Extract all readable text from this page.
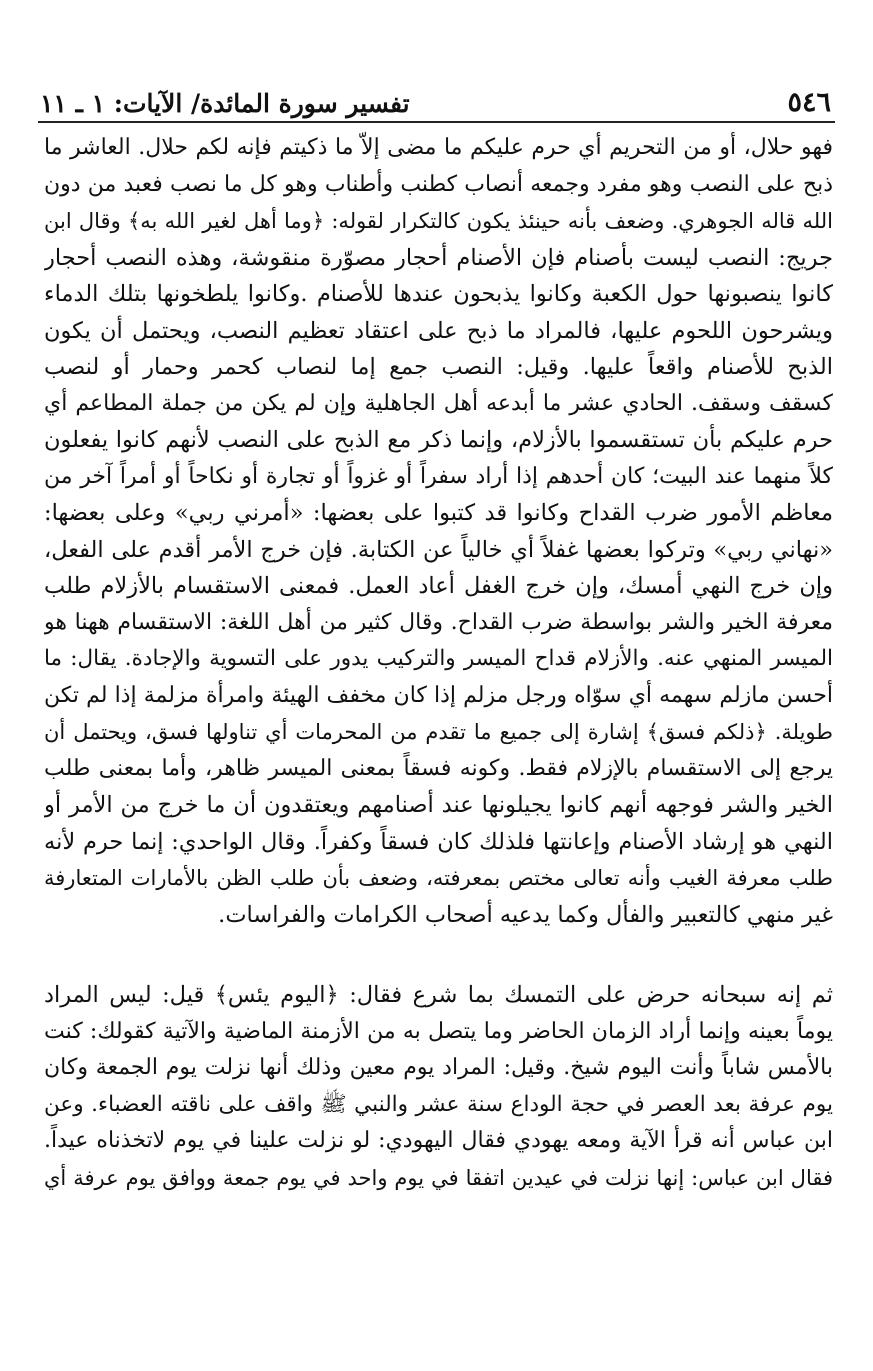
تفسير سورة المائدة/ الآيات: ١ ـ ١١	٥٤٦
فهو حلال، أو من التحريم أي حرم عليكم ما مضى إلاّ ما ذكيتم فإنه لكم حلال. العاشر ما
ذبح على النصب وهو مفرد وجمعه أنصاب كطنب وأطناب وهو كل ما نصب فعبد من دون
الله قاله الجوهري. وضعف بأنه حينئذ يكون كالتكرار لقوله: ﴿وما أهل لغير الله به﴾ وقال ابن
جريج: النصب ليست بأصنام فإن الأصنام أحجار مصوّرة منقوشة، وهذه النصب أحجار
كانوا ينصبونها حول الكعبة وكانوا يذبحون عندها للأصنام .وكانوا يلطخونها بتلك الدماء
ويشرحون اللحوم عليها، فالمراد ما ذبح على اعتقاد تعظيم النصب، ويحتمل أن يكون
الذبح للأصنام واقعاً عليها. وقيل: النصب جمع إما لنصاب كحمر وحمار أو لنصب
كسقف وسقف. الحادي عشر ما أبدعه أهل الجاهلية وإن لم يكن من جملة المطاعم أي
حرم عليكم بأن تستقسموا بالأزلام، وإنما ذكر مع الذبح على النصب لأنهم كانوا يفعلون
كلاً منهما عند البيت؛ كان أحدهم إذا أراد سفراً أو غزواً أو تجارة أو نكاحاً أو أمراً آخر من
معاظم الأمور ضرب القداح وكانوا قد كتبوا على بعضها: «أمرني ربي» وعلى بعضها:
«نهاني ربي» وتركوا بعضها غفلاً أي خالياً عن الكتابة. فإن خرج الأمر أقدم على الفعل،
وإن خرج النهي أمسك، وإن خرج الغفل أعاد العمل. فمعنى الاستقسام بالأزلام طلب
معرفة الخير والشر بواسطة ضرب القداح. وقال كثير من أهل اللغة: الاستقسام ههنا هو
الميسر المنهي عنه. والأزلام قداح الميسر والتركيب يدور على التسوية والإجادة. يقال: ما
أحسن مازلم سهمه أي سوّاه ورجل مزلم إذا كان مخفف الهيئة وامرأة مزلمة إذا لم تكن
طويلة. ﴿ذلكم فسق﴾ إشارة إلى جميع ما تقدم من المحرمات أي تناولها فسق، ويحتمل أن
يرجع إلى الاستقسام بالإزلام فقط. وكونه فسقاً بمعنى الميسر ظاهر، وأما بمعنى طلب
الخير والشر فوجهه أنهم كانوا يجيلونها عند أصنامهم ويعتقدون أن ما خرج من الأمر أو
النهي هو إرشاد الأصنام وإعانتها فلذلك كان فسقاً وكفراً. وقال الواحدي: إنما حرم لأنه
طلب معرفة الغيب وأنه تعالى مختص بمعرفته، وضعف بأن طلب الظن بالأمارات المتعارفة
غير منهي كالتعبير والفأل وكما يدعيه أصحاب الكرامات والفراسات.
ثم إنه سبحانه حرض على التمسك بما شرع فقال: ﴿اليوم يئس﴾ قيل: ليس المراد
يوماً بعينه وإنما أراد الزمان الحاضر وما يتصل به من الأزمنة الماضية والآتية كقولك: كنت
بالأمس شاباً وأنت اليوم شيخ. وقيل: المراد يوم معين وذلك أنها نزلت يوم الجمعة وكان
يوم عرفة بعد العصر في حجة الوداع سنة عشر والنبي ﷺ واقف على ناقته العضباء. وعن
ابن عباس أنه قرأ الآية ومعه يهودي فقال اليهودي: لو نزلت علينا في يوم لاتخذناه عيداً.
فقال ابن عباس: إنها نزلت في عيدين اتفقا في يوم واحد في يوم جمعة ووافق يوم عرفة أي
